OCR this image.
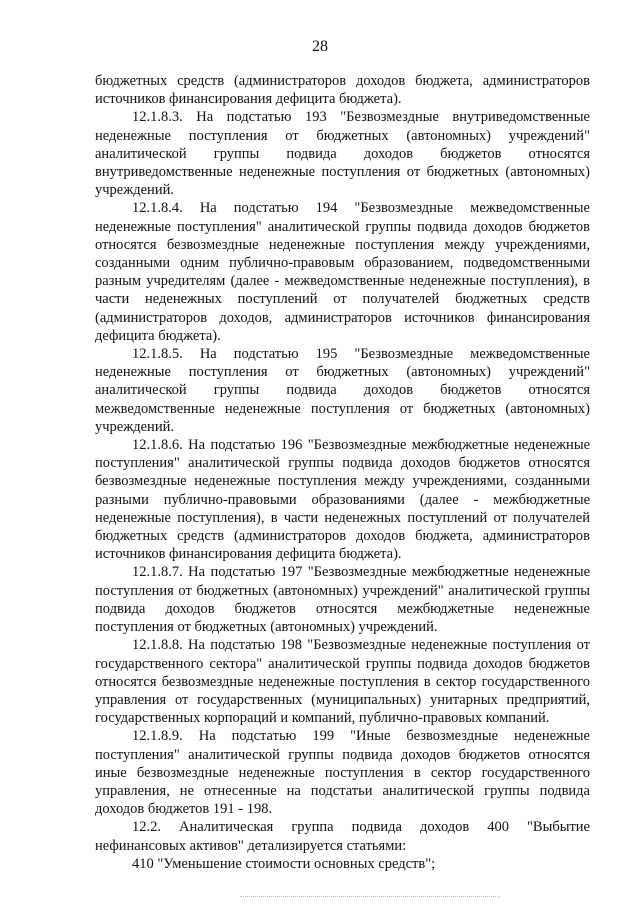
28

бюджетных средств (администраторов доходов бюджета, администраторов источников финансирования дефицита бюджета).

12.1.8.3. На подстатью 193 "Безвозмездные внутриведомственные неденежные поступления от бюджетных (автономных) учреждений" аналитической группы подвида доходов бюджетов относятся внутриведомственные неденежные поступления от бюджетных (автономных) учреждений.

12.1.8.4. На подстатью 194 "Безвозмездные межведомственные неденежные поступления" аналитической группы подвида доходов бюджетов относятся безвозмездные неденежные поступления между учреждениями, созданными одним публично-правовым образованием, подведомственными разным учредителям (далее - межведомственные неденежные поступления), в части неденежных поступлений от получателей бюджетных средств (администраторов доходов, администраторов источников финансирования дефицита бюджета).

12.1.8.5. На подстатью 195 "Безвозмездные межведомственные неденежные поступления от бюджетных (автономных) учреждений" аналитической группы подвида доходов бюджетов относятся межведомственные неденежные поступления от бюджетных (автономных) учреждений.

12.1.8.6. На подстатью 196 "Безвозмездные межбюджетные неденежные поступления" аналитической группы подвида доходов бюджетов относятся безвозмездные неденежные поступления между учреждениями, созданными разными публично-правовыми образованиями (далее - межбюджетные неденежные поступления), в части неденежных поступлений от получателей бюджетных средств (администраторов доходов бюджета, администраторов источников финансирования дефицита бюджета).

12.1.8.7. На подстатью 197 "Безвозмездные межбюджетные неденежные поступления от бюджетных (автономных) учреждений" аналитической группы подвида доходов бюджетов относятся межбюджетные неденежные поступления от бюджетных (автономных) учреждений.

12.1.8.8. На подстатью 198 "Безвозмездные неденежные поступления от государственного сектора" аналитической группы подвида доходов бюджетов относятся безвозмездные неденежные поступления в сектор государственного управления от государственных (муниципальных) унитарных предприятий, государственных корпораций и компаний, публично-правовых компаний.

12.1.8.9. На подстатью 199 "Иные безвозмездные неденежные поступления" аналитической группы подвида доходов бюджетов относятся иные безвозмездные неденежные поступления в сектор государственного управления, не отнесенные на подстатьи аналитической группы подвида доходов бюджетов 191 - 198.

12.2. Аналитическая группа подвида доходов 400 "Выбытие нефинансовых активов" детализируется статьями:

410 "Уменьшение стоимости основных средств";
